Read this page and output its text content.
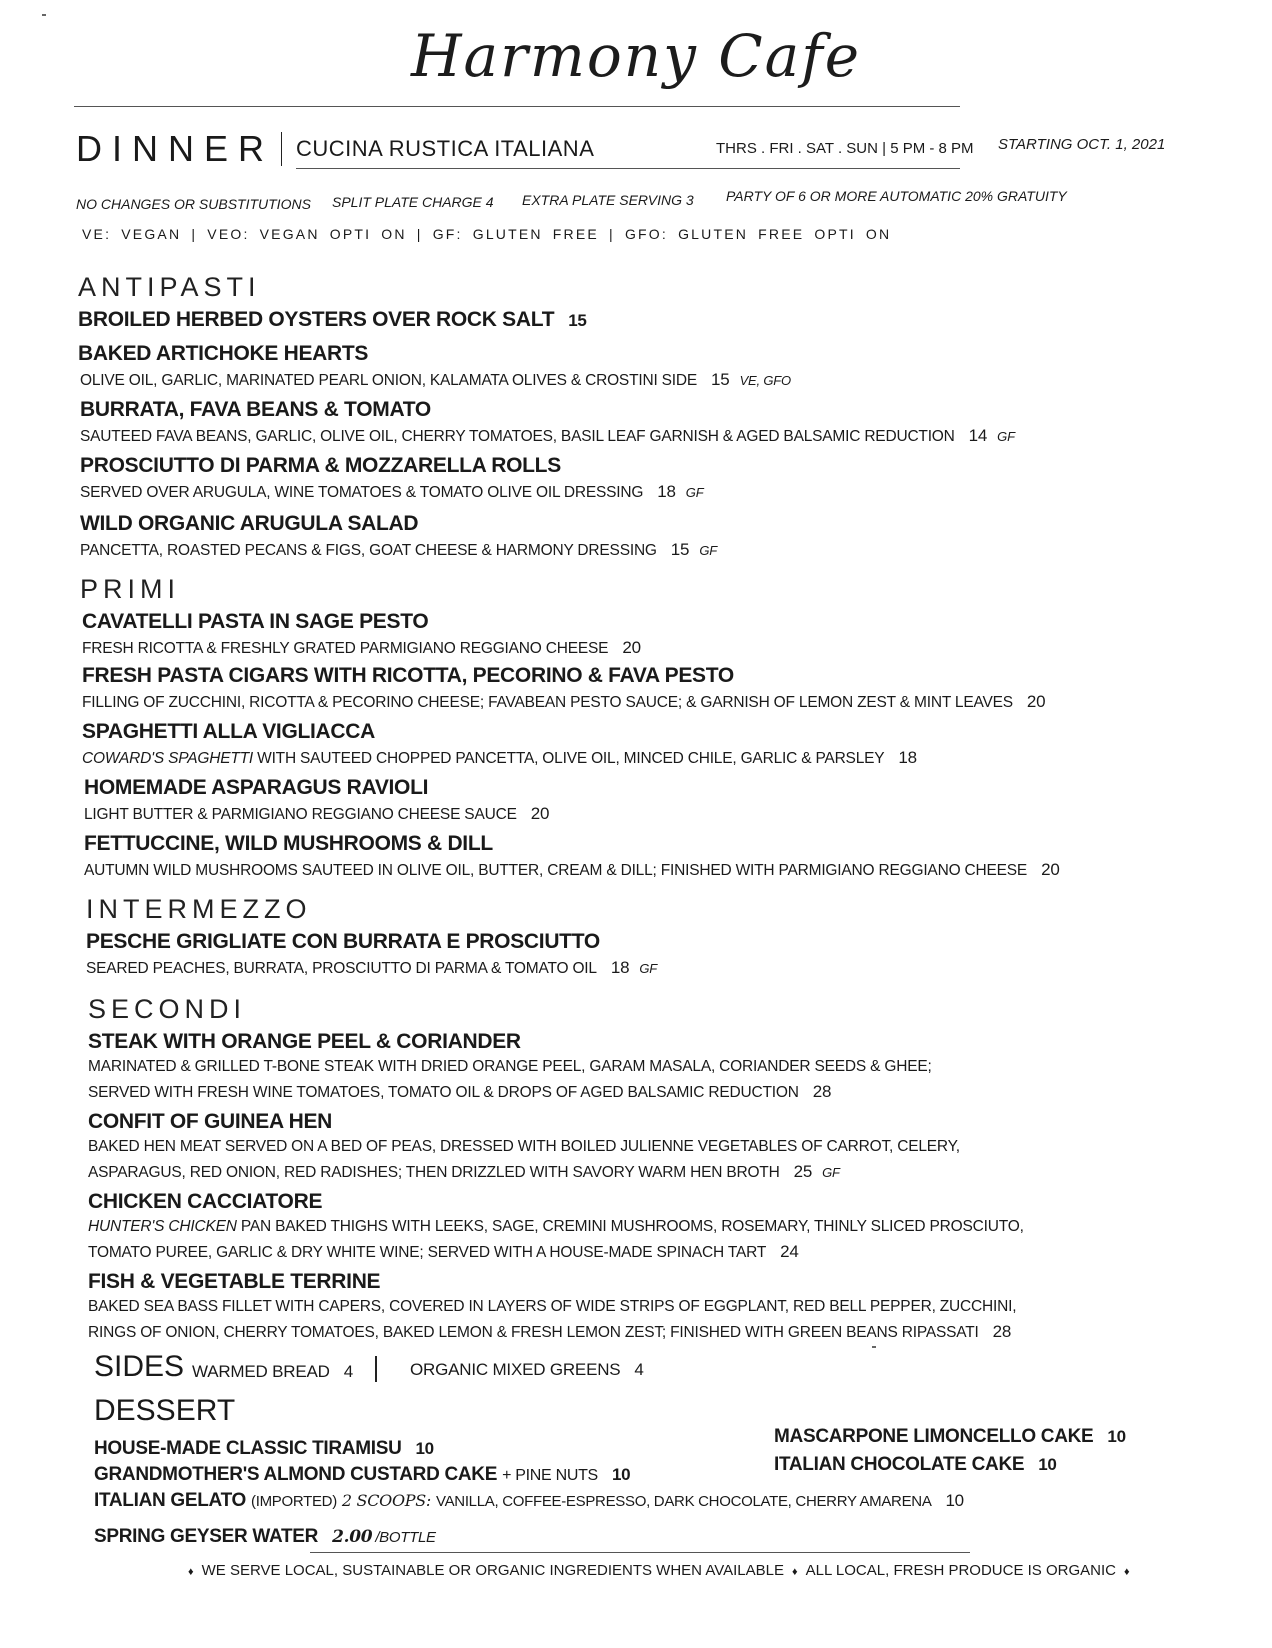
Harmony Cafe
DINNER CUCINA RUSTICA ITALIANA	THRS . FRI . SAT . SUN | 5 PM - 8 PM STARTING OCT. 1, 2021
NO CHANGES OR SUBSTITUTIONS SPLIT PLATE CHARGE 4 EXTRA PLATE SERVING 3 PARTY OF 6 OR MORE AUTOMATIC 20% GRATUITY
VE: VEGAN | VEO: VEGAN OPTI ON | GF: GLUTEN FREE | GFO: GLUTEN FREE OPTI ON
ANTIPASTI
BROILED HERBED OYSTERS OVER ROCK SALT 15
BAKED ARTICHOKE HEARTS
OLIVE OIL, GARLIC, MARINATED PEARL ONION, KALAMATA OLIVES & CROSTINI SIDE 15 VE, GFO
BURRATA, FAVA BEANS & TOMATO
SAUTEED FAVA BEANS, GARLIC, OLIVE OIL, CHERRY TOMATOES, BASIL LEAF GARNISH & AGED BALSAMIC REDUCTION 14 GF
PROSCIUTTO DI PARMA & MOZZARELLA ROLLS
SERVED OVER ARUGULA, WINE TOMATOES & TOMATO OLIVE OIL DRESSING 18 GF
WILD ORGANIC ARUGULA SALAD
PANCETTA, ROASTED PECANS & FIGS, GOAT CHEESE & HARMONY DRESSING 15 GF
PRIMI
CAVATELLI PASTA IN SAGE PESTO
FRESH RICOTTA & FRESHLY GRATED PARMIGIANO REGGIANO CHEESE 20
FRESH PASTA CIGARS WITH RICOTTA, PECORINO & FAVA PESTO
FILLING OF ZUCCHINI, RICOTTA & PECORINO CHEESE; FAVABEAN PESTO SAUCE; & GARNISH OF LEMON ZEST & MINT LEAVES 20
SPAGHETTI ALLA VIGLIACCA
COWARD'S SPAGHETTI WITH SAUTEED CHOPPED PANCETTA, OLIVE OIL, MINCED CHILE, GARLIC & PARSLEY 18
HOMEMADE ASPARAGUS RAVIOLI
LIGHT BUTTER & PARMIGIANO REGGIANO CHEESE SAUCE 20
FETTUCCINE, WILD MUSHROOMS & DILL
AUTUMN WILD MUSHROOMS SAUTEED IN OLIVE OIL, BUTTER, CREAM & DILL; FINISHED WITH PARMIGIANO REGGIANO CHEESE 20
INTERMEZZO
PESCHE GRIGLIATE CON BURRATA E PROSCIUTTO
SEARED PEACHES, BURRATA, PROSCIUTTO DI PARMA & TOMATO OIL 18 GF
SECONDI
STEAK WITH ORANGE PEEL & CORIANDER
MARINATED & GRILLED T-BONE STEAK WITH DRIED ORANGE PEEL, GARAM MASALA, CORIANDER SEEDS & GHEE;
SERVED WITH FRESH WINE TOMATOES, TOMATO OIL & DROPS OF AGED BALSAMIC REDUCTION 28
CONFIT OF GUINEA HEN
BAKED HEN MEAT SERVED ON A BED OF PEAS, DRESSED WITH BOILED JULIENNE VEGETABLES OF CARROT, CELERY,
ASPARAGUS, RED ONION, RED RADISHES; THEN DRIZZLED WITH SAVORY WARM HEN BROTH 25 GF
CHICKEN CACCIATORE
HUNTER'S CHICKEN PAN BAKED THIGHS WITH LEEKS, SAGE, CREMINI MUSHROOMS, ROSEMARY, THINLY SLICED PROSCIUTO,
TOMATO PUREE, GARLIC & DRY WHITE WINE; SERVED WITH A HOUSE-MADE SPINACH TART 24
FISH & VEGETABLE TERRINE
BAKED SEA BASS FILLET WITH CAPERS, COVERED IN LAYERS OF WIDE STRIPS OF EGGPLANT, RED BELL PEPPER, ZUCCHINI,
RINGS OF ONION, CHERRY TOMATOES, BAKED LEMON & FRESH LEMON ZEST; FINISHED WITH GREEN BEANS RIPASSATI 28
SIDES WARMED BREAD 4	ORGANIC MIXED GREENS 4
DESSERT
HOUSE-MADE CLASSIC TIRAMISU 10
GRANDMOTHER'S ALMOND CUSTARD CAKE + PINE NUTS 10
ITALIAN GELATO (IMPORTED) 2 SCOOPS: VANILLA, COFFEE-ESPRESSO, DARK CHOCOLATE, CHERRY AMARENA 10
MASCARPONE LIMONCELLO CAKE 10
ITALIAN CHOCOLATE CAKE 10
SPRING GEYSER WATER 2.00 /BOTTLE
♦ WE SERVE LOCAL, SUSTAINABLE OR ORGANIC INGREDIENTS WHEN AVAILABLE ♦ ALL LOCAL, FRESH PRODUCE IS ORGANIC ♦
